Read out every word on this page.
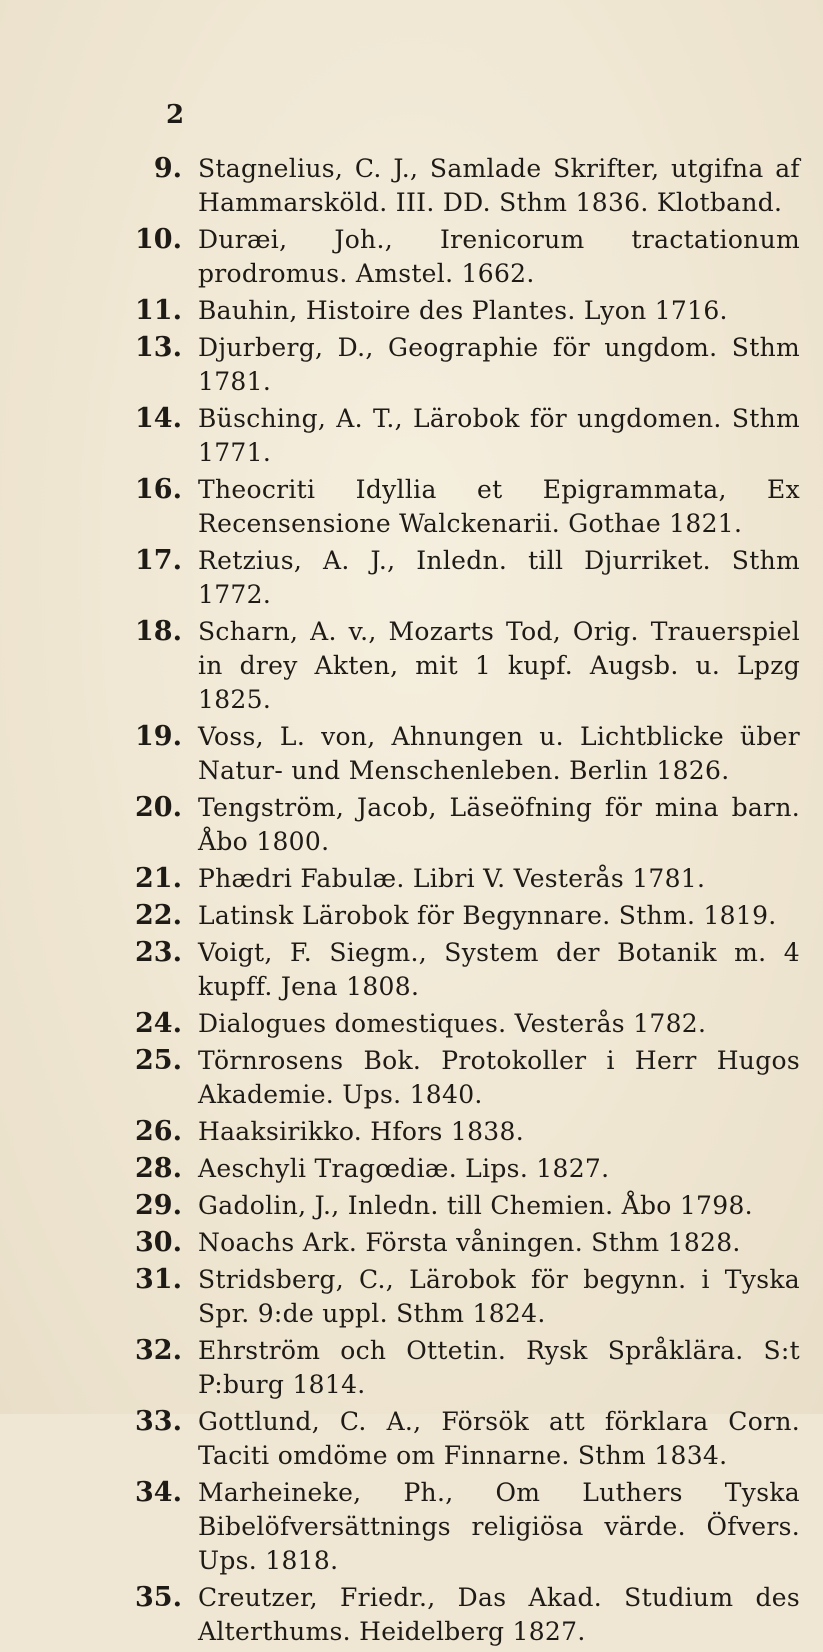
2
9. Stagnelius, C. J., Samlade Skrifter, utgifna af Hammarsköld. III. DD. Sthm 1836. Klotband.
10. Duræi, Joh., Irenicorum tractationum prodromus. Amstel. 1662.
11. Bauhin, Histoire des Plantes. Lyon 1716.
13. Djurberg, D., Geographie för ungdom. Sthm 1781.
14. Büsching, A. T., Lärobok för ungdomen. Sthm 1771.
16. Theocriti Idyllia et Epigrammata, Ex Recensensione Walckenarii. Gothae 1821.
17. Retzius, A. J., Inledn. till Djurriket. Sthm 1772.
18. Scharn, A. v., Mozarts Tod, Orig. Trauerspiel in drey Akten, mit 1 kupf. Augsb. u. Lpzg 1825.
19. Voss, L. von, Ahnungen u. Lichtblicke über Natur- und Menschenleben. Berlin 1826.
20. Tengström, Jacob, Läseöfning för mina barn. Åbo 1800.
21. Phædri Fabulæ. Libri V. Vesterås 1781.
22. Latinsk Lärobok för Begynnare. Sthm. 1819.
23. Voigt, F. Siegm., System der Botanik m. 4 kupff. Jena 1808.
24. Dialogues domestiques. Vesterås 1782.
25. Törnrosens Bok. Protokoller i Herr Hugos Akademie. Ups. 1840.
26. Haaksirikko. Hfors 1838.
28. Aeschyli Tragœdiæ. Lips. 1827.
29. Gadolin, J., Inledn. till Chemien. Åbo 1798.
30. Noachs Ark. Första våningen. Sthm 1828.
31. Stridsberg, C., Lärobok för begynn. i Tyska Spr. 9:de uppl. Sthm 1824.
32. Ehrström och Ottetin. Rysk Språklära. S:t P:burg 1814.
33. Gottlund, C. A., Försök att förklara Corn. Taciti omdöme om Finnarne. Sthm 1834.
34. Marheineke, Ph., Om Luthers Tyska Bibelöfversättnings religiösa värde. Öfvers. Ups. 1818.
35. Creutzer, Friedr., Das Akad. Studium des Alterthums. Heidelberg 1827.
